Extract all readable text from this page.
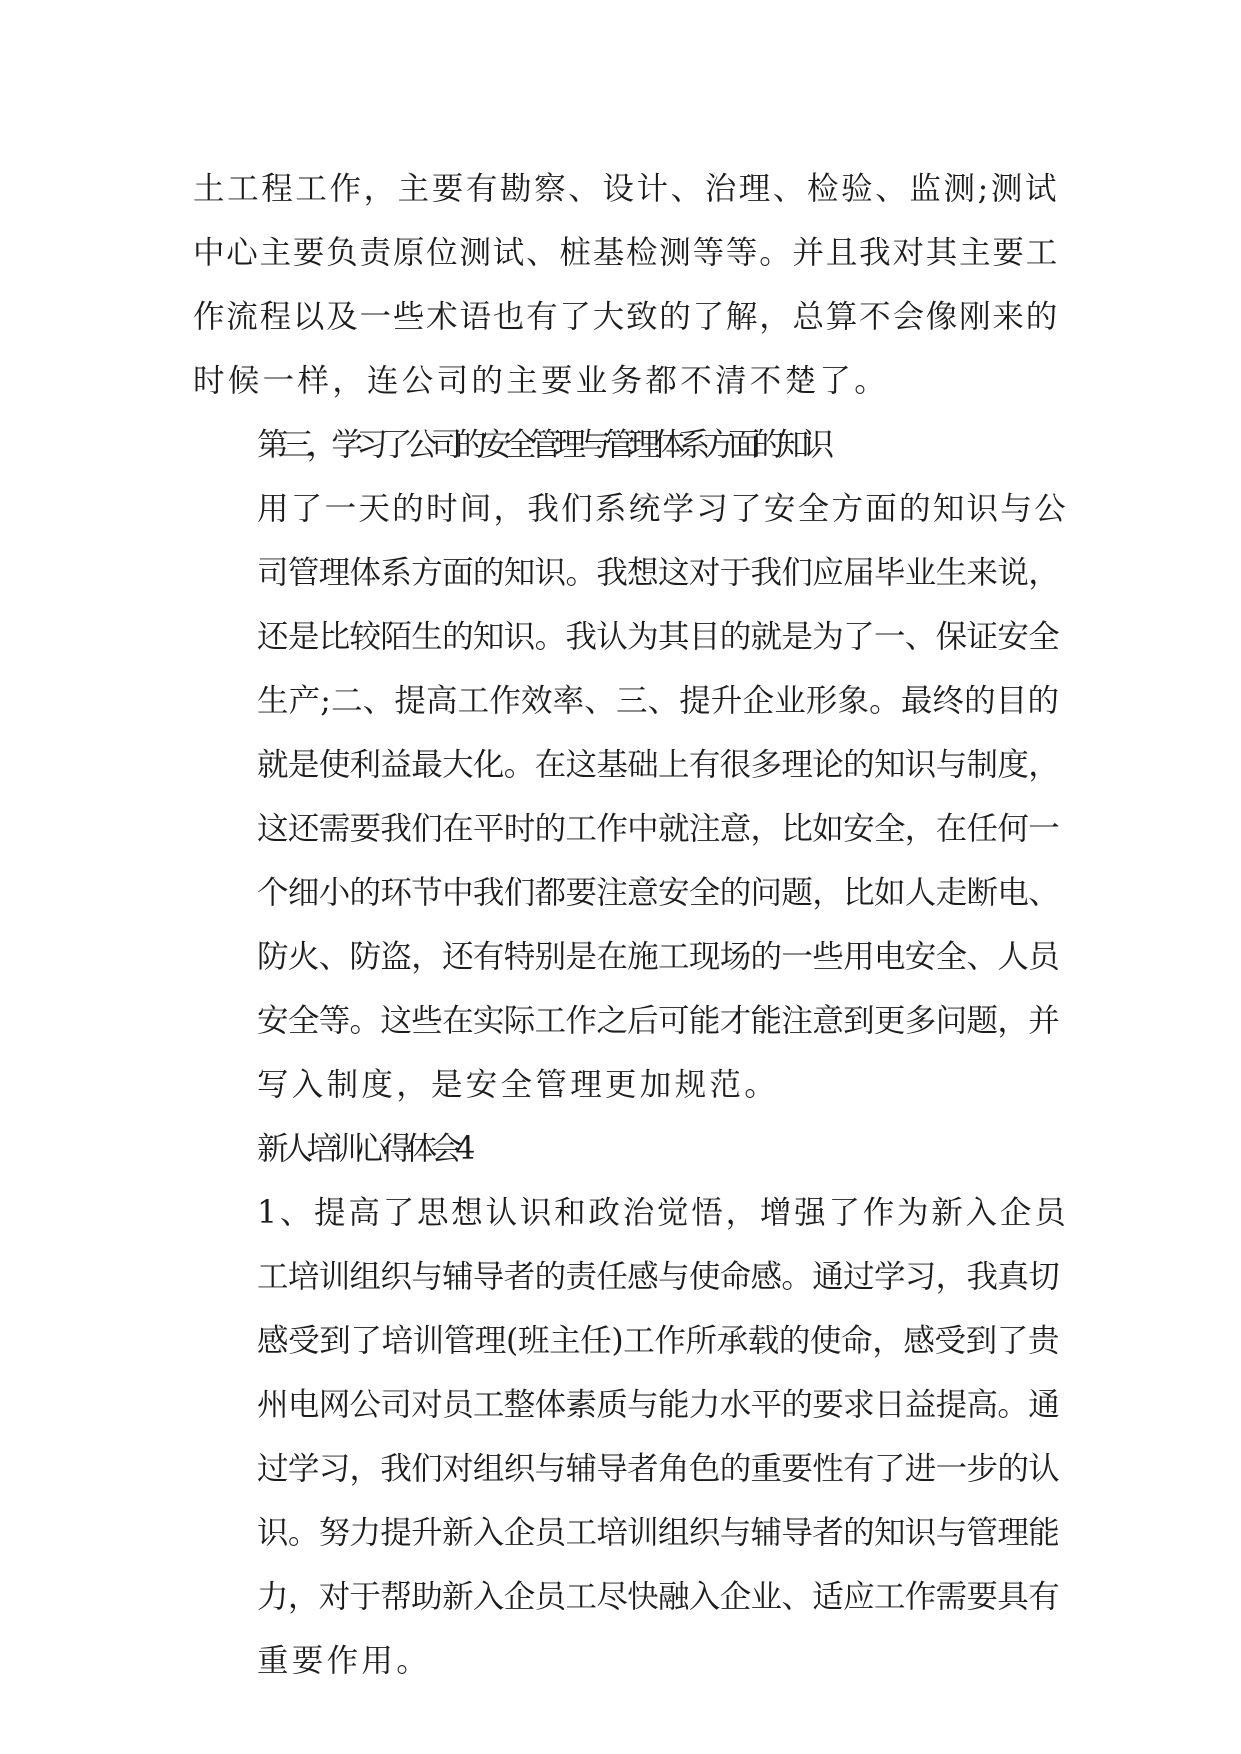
土工程工作，主要有勘察、设计、治理、检验、监测;测试
中心主要负责原位测试、桩基检测等等。并且我对其主要工
作流程以及一些术语也有了大致的了解，总算不会像刚来的
时候一样，连公司的主要业务都不清不楚了。
第三，学习了公司的安全管理与管理体系方面的知识
用了一天的时间，我们系统学习了安全方面的知识与公
司管理体系方面的知识。我想这对于我们应届毕业生来说，
还是比较陌生的知识。我认为其目的就是为了一、保证安全
生产;二、提高工作效率、三、提升企业形象。最终的目的
就是使利益最大化。在这基础上有很多理论的知识与制度，
这还需要我们在平时的工作中就注意，比如安全，在任何一
个细小的环节中我们都要注意安全的问题，比如人走断电、
防火、防盗，还有特别是在施工现场的一些用电安全、人员
安全等。这些在实际工作之后可能才能注意到更多问题，并
写入制度，是安全管理更加规范。
新人培训心得体会4
1、提高了思想认识和政治觉悟，增强了作为新入企员
工培训组织与辅导者的责任感与使命感。通过学习，我真切
感受到了培训管理(班主任)工作所承载的使命，感受到了贵
州电网公司对员工整体素质与能力水平的要求日益提高。通
过学习，我们对组织与辅导者角色的重要性有了进一步的认
识。努力提升新入企员工培训组织与辅导者的知识与管理能
力，对于帮助新入企员工尽快融入企业、适应工作需要具有
重要作用。
